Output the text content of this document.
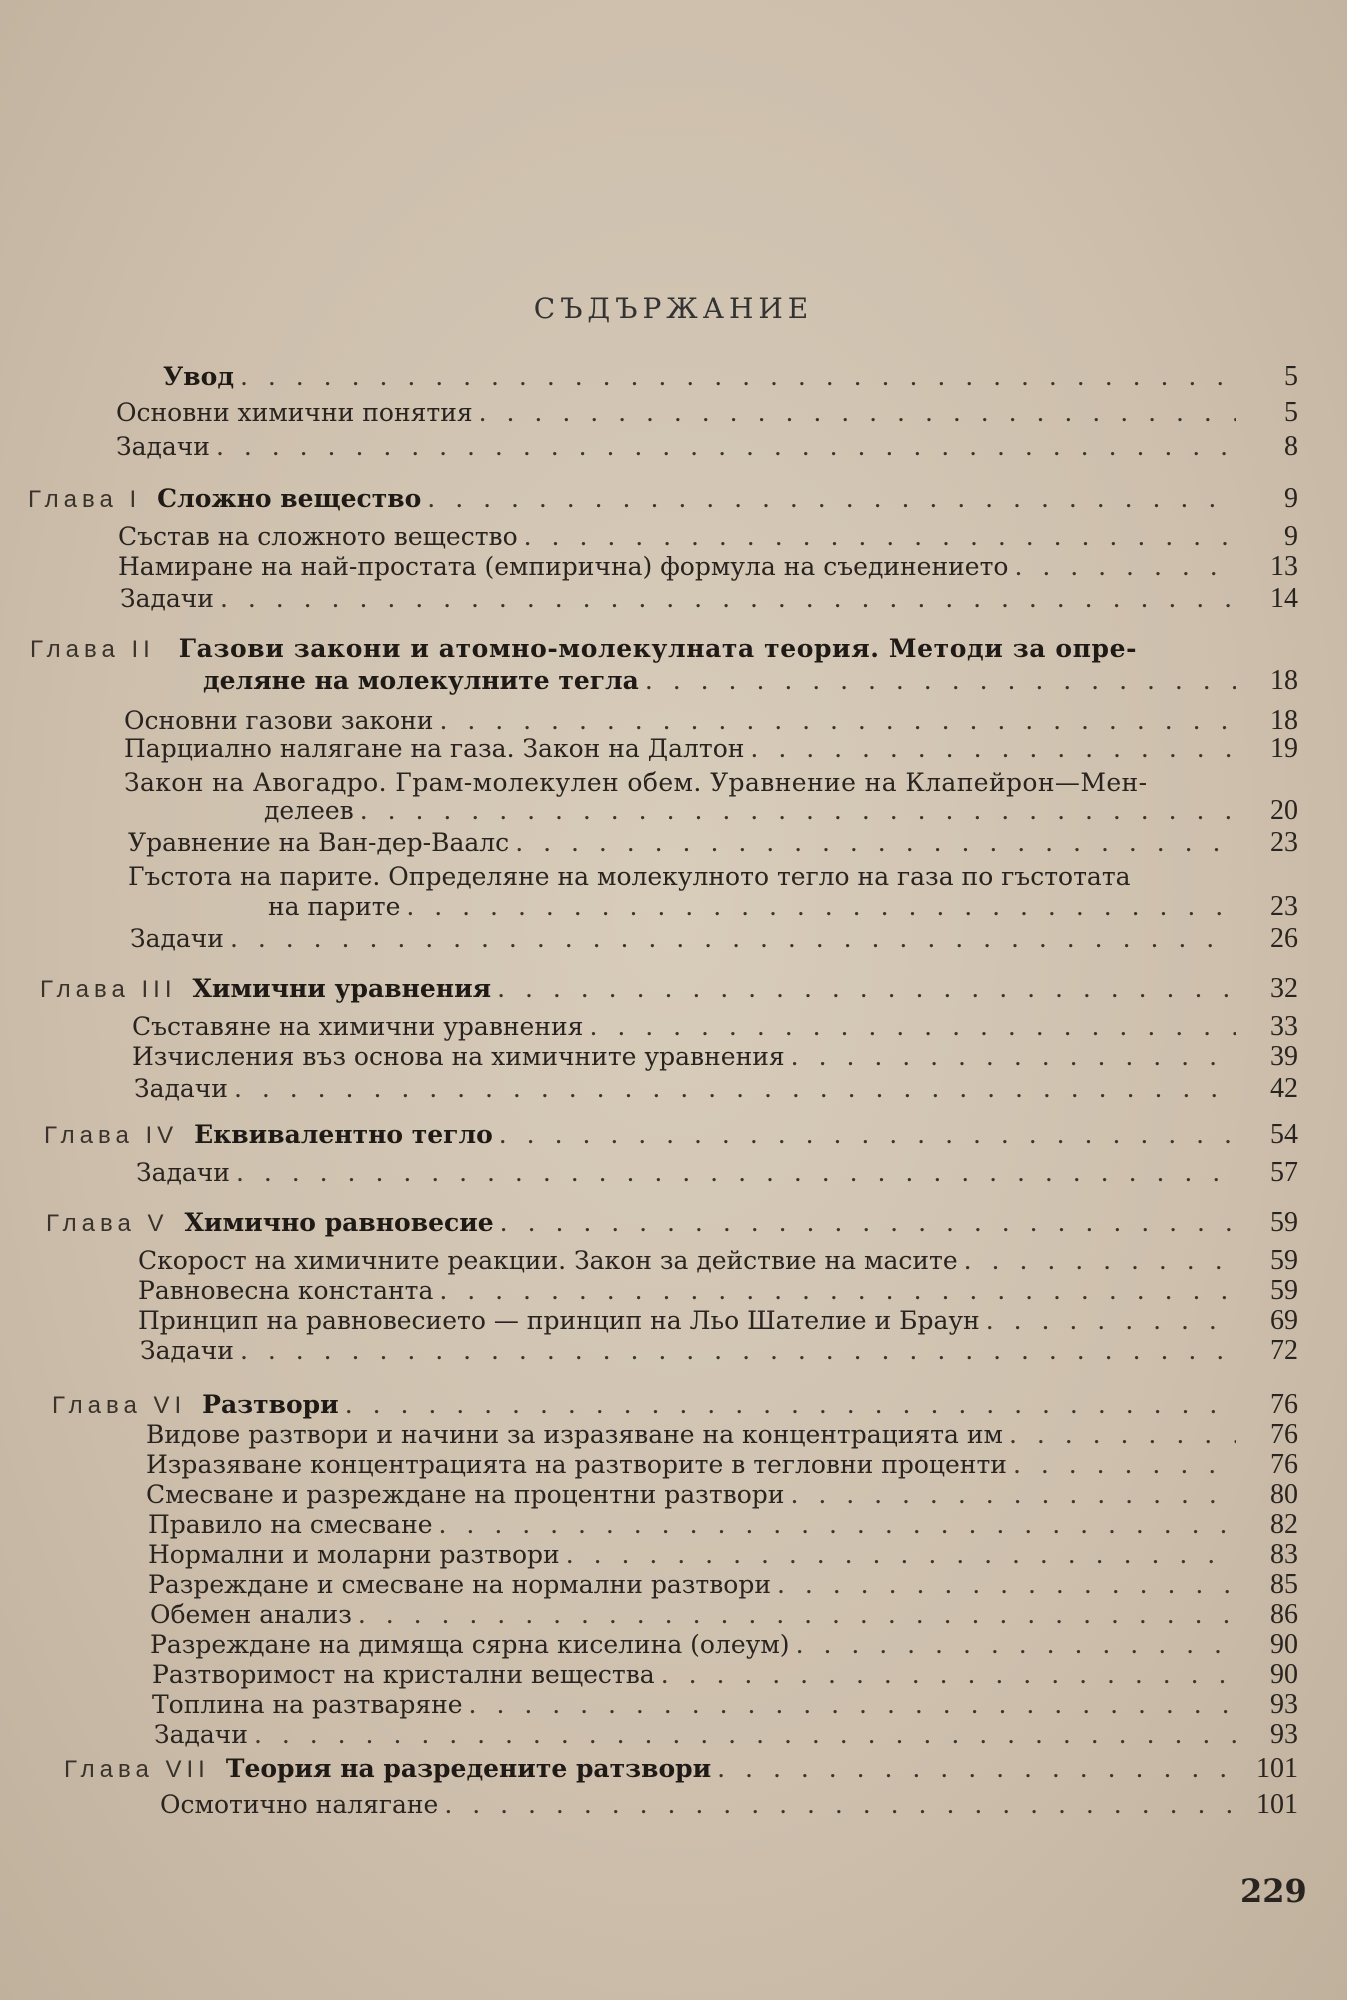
СЪДЪРЖАНИЕ
Увод . . .	5
Основни химични понятия . . .	5
Задачи . . .	8
Глава I Сложно вещество . . .	9
Състав на сложното вещество . . .	9
Намиране на най-простата (емпирична) формула на съединението . . .	13
Задачи . . .	14
Глава II Газови закони и атомно-молекулната теория. Методи за опре-
деляне на молекулните тегла . . .	18
Основни газови закони . . .	18
Парциално налягане на газа. Закон на Далтон . . .	19
Закон на Авогадро. Грам-молекулен обем. Уравнение на Клапейрон—Мен-
делеев . . .	20
Уравнение на Ван-дер-Ваалс . . .	23
Гъстота на парите. Определяне на молекулното тегло на газа по гъстотата
на парите . . .	23
Задачи . . .	26
Глава III Химични уравнения . . .	32
Съставяне на химични уравнения . . .	33
Изчисления въз основа на химичните уравнения . . .	39
Задачи . . .	42
Глава IV Еквивалентно тегло . . .	54
Задачи . . .	57
Глава V Химично равновесие . . .	59
Скорост на химичните реакции. Закон за действие на масите . . .	59
Равновесна константа . . .	59
Принцип на равновесието — принцип на Льо Шателие и Браун . . .	69
Задачи . . .	72
Глава VI Разтвори . . .	76
Видове разтвори и начини за изразяване на концентрацията им . . .	76
Изразяване концентрацията на разтворите в тегловни проценти . . .	76
Смесване и разреждане на процентни разтвори . . .	80
Правило на смесване . . .	82
Нормални и моларни разтвори . . .	83
Разреждане и смесване на нормални разтвори . . .	85
Обемен анализ . . .	86
Разреждане на димяща сярна киселина (олеум) . . .	90
Разтворимост на кристални вещества . . .	90
Топлина на разтваряне . . .	93
Задачи . . .	93
Глава VII Теория на разредените ратзвори . . .	101
Осмотично налягане . . .	101
229
